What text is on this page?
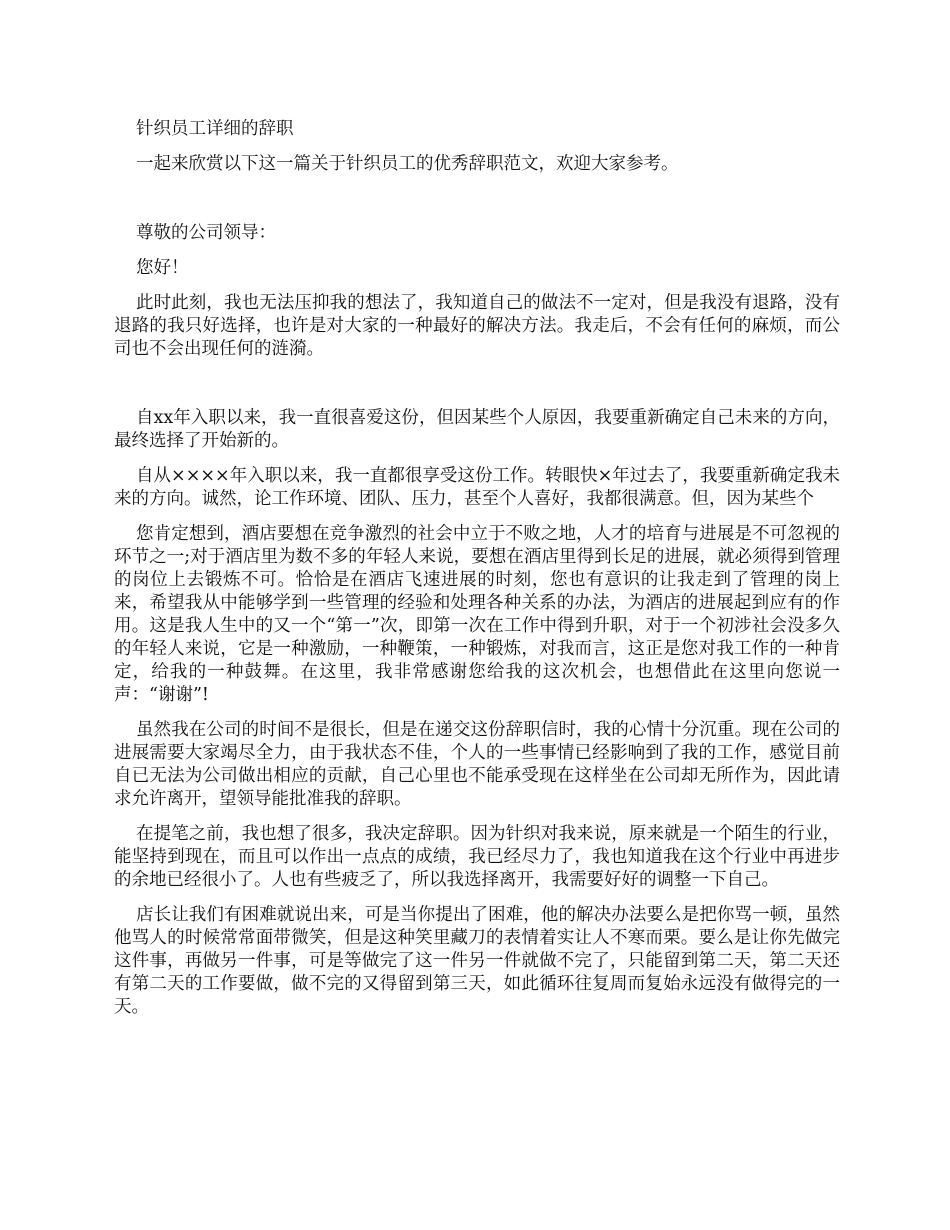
针织员工详细的辞职

一起来欣赏以下这一篇关于针织员工的优秀辞职范文，欢迎大家参考。

尊敬的公司领导：

您好！

此时此刻，我也无法压抑我的想法了，我知道自己的做法不一定对，但是我没有退路，没有退路的我只好选择，也许是对大家的一种最好的解决方法。我走后，不会有任何的麻烦，而公司也不会出现任何的涟漪。

自xx年入职以来，我一直很喜爱这份，但因某些个人原因，我要重新确定自己未来的方向，最终选择了开始新的。

自从××××年入职以来，我一直都很享受这份工作。转眼快×年过去了，我要重新确定我未来的方向。诚然，论工作环境、团队、压力，甚至个人喜好，我都很满意。但，因为某些个

您肯定想到，酒店要想在竞争激烈的社会中立于不败之地，人才的培育与进展是不可忽视的环节之一;对于酒店里为数不多的年轻人来说，要想在酒店里得到长足的进展，就必须得到管理的岗位上去锻炼不可。恰恰是在酒店飞速进展的时刻，您也有意识的让我走到了管理的岗上来，希望我从中能够学到一些管理的经验和处理各种关系的办法，为酒店的进展起到应有的作用。这是我人生中的又一个“第一”次，即第一次在工作中得到升职，对于一个初涉社会没多久的年轻人来说，它是一种激励，一种鞭策，一种锻炼，对我而言，这正是您对我工作的一种肯定，给我的一种鼓舞。在这里，我非常感谢您给我的这次机会，也想借此在这里向您说一声：“谢谢”!

虽然我在公司的时间不是很长，但是在递交这份辞职信时，我的心情十分沉重。现在公司的进展需要大家竭尽全力，由于我状态不佳，个人的一些事情已经影响到了我的工作，感觉目前自已无法为公司做出相应的贡献，自己心里也不能承受现在这样坐在公司却无所作为，因此请求允许离开，望领导能批准我的辞职。

在提笔之前，我也想了很多，我决定辞职。因为针织对我来说，原来就是一个陌生的行业，能坚持到现在，而且可以作出一点点的成绩，我已经尽力了，我也知道我在这个行业中再进步的余地已经很小了。人也有些疲乏了，所以我选择离开，我需要好好的调整一下自己。

店长让我们有困难就说出来，可是当你提出了困难，他的解决办法要么是把你骂一顿，虽然他骂人的时候常常面带微笑，但是这种笑里藏刀的表情着实让人不寒而栗。要么是让你先做完这件事，再做另一件事，可是等做完了这一件另一件就做不完了，只能留到第二天，第二天还有第二天的工作要做，做不完的又得留到第三天，如此循环往复周而复始永远没有做得完的一天。
